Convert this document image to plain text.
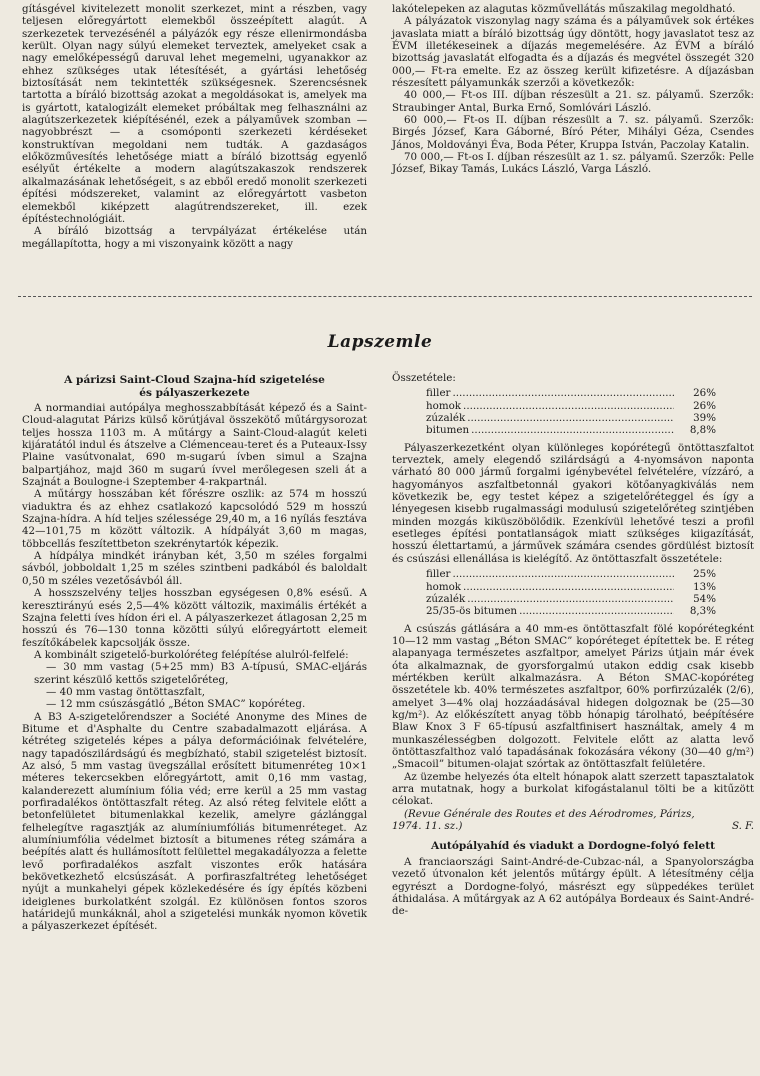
gításgével kivitelezett monolit szerkezet, mint a részben, vagy teljesen előregyártott elemekből összeépített alagút. A szerkezetek tervezésénél a pályázók egy része ellenirmondásba került. Olyan nagy súlyú elemeket terveztek, amelyeket csak a nagy emelőképességű daruval lehet megemelni, ugyanakkor az ehhez szükséges utak létesítését, a gyártási lehetőség biztosítását nem tekintették szükségesnek. Szerencsésnek tartotta a bíráló bizottság azokat a megoldásokat is, amelyek ma is gyártott, katalogizált elemeket próbáltak meg felhasználni az alagútszerkezetek kiépítésénél, ezek a pályaművek szomban — nagyobbrészt — a csomóponti szerkezeti kérdéseket konstruktívan megoldani nem tudták. A gazdaságos előközművesítés lehetősége miatt a bíráló bizottság egyenlő esélyűt értékelte a modern alagútszakaszok rendszerek alkalmazásának lehetőségeit, s az ebből eredő monolit szerkezeti építési módszereket, valamint az előregyártott vasbeton elemekből kiképzett alagútrendszereket, ill. ezek építéstechnológiáit.

A bíráló bizottság a tervpályázat értékelése után megállapította, hogy a mi viszonyaink között a nagy

lakótelepeken az alagutas közművellátás műszakilag megoldható.

A pályázatok viszonylag nagy száma és a pályaművek sok értékes javaslata miatt a bíráló bizottság úgy döntött, hogy javaslatot tesz az ÉVM illetékeseinek a díjazás megemelésére. Az ÉVM a bíráló bizottság javaslatát elfogadta és a díjazás és megvétel összegét 320 000,— Ft-ra emelte. Ez az összeg került kifizetésre. A díjazásban részesített pályamunkák szerzői a következők:

40 000,— Ft-os III. díjban részesült a 21. sz. pályamű. Szerzők: Straubinger Antal, Burka Ernő, Somlóvári László.

60 000,— Ft-os II. díjban részesült a 7. sz. pályamű. Szerzők: Birgés József, Kara Gáborné, Bíró Péter, Mihályi Géza, Csendes János, Moldoványi Éva, Boda Péter, Kruppa István, Paczolay Katalin.

70 000,— Ft-os I. díjban részesült az 1. sz. pályamű. Szerzők: Pelle József, Bikay Tamás, Lukács László, Varga László.

Lapszemle
A párizsi Saint-Cloud Szajna-híd szigetelése
és pályaszerkezete

A normandiai autópálya meghosszabbítását képező és a Saint-Cloud-alagutat Párizs külső körútjával összekötő műtárgysorozat teljes hossza 1103 m. A műtárgy a Saint-Cloud-alagút keleti kijáratától indul és átszelve a Clémenceau-teret és a Puteaux-Issy Plaine vasútvonalat, 690 m-sugarú ívben simul a Szajna balpartjához, majd 360 m sugarú ívvel merőlegesen szeli át a Szajnát a Boulogne-i Szeptember 4-rakpartnál.

A műtárgy hosszában két főrészre oszlik: az 574 m hosszú viaduktra és az ehhez csatlakozó kapcsolódó 529 m hosszú Szajna-hídra. A híd teljes szélessége 29,40 m, a 16 nyílás fesztáva 42—101,75 m között változik. A hídpályát 3,60 m magas, többcellás feszítettbeton szekrénytartók képezik.

A hídpálya mindkét irányban két, 3,50 m széles forgalmi sávból, jobboldalt 1,25 m széles szintbeni padkából és baloldalt 0,50 m széles vezetősávból áll.

A hosszszelvény teljes hosszban egységesen 0,8% esésű. A keresztirányú esés 2,5—4% között változik, maximális értékét a Szajna feletti íves hídon éri el. A pályaszerkezet átlagosan 2,25 m hosszú és 76—130 tonna közötti súlyú előregyártott elemeit feszítőkábelek kapcsolják össze.

A kombinált szigetelő-burkolóréteg felépítése alulról-felfelé:

— 30 mm vastag (5+25 mm) B3 A-típusú, SMAC-eljárás szerint készülő kettős szigetelőréteg,

— 40 mm vastag öntöttaszfalt,

— 12 mm csúszásgátló „Béton SMAC” kopóréteg.

A B3 A-szigetelőrendszer a Société Anonyme des Mines de Bitume et d'Asphalte du Centre szabadalmazott eljárása. A kétréteg szigetelés képes a pálya deformációinak felvételére, nagy tapadószilárdságú és megbízható, stabil szigetelést biztosít. Az alsó, 5 mm vastag üvegszállal erősített bitumenréteg 10×1 méteres tekercsekben előregyártott, amit 0,16 mm vastag, kalanderezett alumínium fólia véd; erre kerül a 25 mm vastag porfiradalékos öntöttaszfalt réteg. Az alsó réteg felvitele előtt a betonfelületet bitumenlakkal kezelik, amelyre gázlánggal felhelegítve ragasztják az alumíniumfóliás bitumenréteget. Az alumíniumfólia védelmet biztosít a bitumenes réteg számára a beépítés alatt és hullámosított felülettel megakadályozza a felette levő porfiradalékos aszfalt viszontes erők hatására bekövetkezhető elcsúszását. A porfiraszfaltréteg lehetőséget nyújt a munkahelyi gépek közlekedésére és így építés közbeni ideiglenes burkolatként szolgál. Ez különösen fontos szoros határidejű munkáknál, ahol a szigetelési munkák nyomon követik a pályaszerkezet építését.

Összetétele:

filler .....	26%
homok .....	26%
zúzalék .....	39%
bitumen .....	8,8%

Pályaszerkezetként olyan különleges kopórétegű öntöttaszfaltot terveztek, amely elegendő szilárdságú a 4-nyomsávon naponta várható 80 000 jármű forgalmi igénybevétel felvételére, vízzáró, a hagyományos aszfaltbetonnál gyakori kötőanyagkiválás nem következik be, egy testet képez a szigetelőréteggel és így a lényegesen kisebb rugalmassági modulusú szigetelőréteg szintjében minden mozgás kiküszöbölődik. Ezenkívül lehetővé teszi a profil esetleges építési pontatlanságok miatt szükséges kiigazítását, hosszú élettartamú, a járművek számára csendes gördülést biztosít és csúszási ellenállása is kielégítő. Az öntöttaszfalt összetétele:

filler .....	25%
homok .....	13%
zúzalék .....	54%
25/35-ös bitumen .....	8,3%

A csúszás gátlására a 40 mm-es öntöttaszfalt fölé kopórétegként 10—12 mm vastag „Béton SMAC” kopóréteget építettek be. E réteg alapanyaga természetes aszfaltpor, amelyet Párizs útjain már évek óta alkalmaznak, de gyorsforgalmú utakon eddig csak kisebb mértékben került alkalmazásra. A Béton SMAC-kopóréteg összetétele kb. 40% természetes aszfaltpor, 60% porfirzúzalék (2/6), amelyet 3—4% olaj hozzáadásával hidegen dolgoznak be (25—30 kg/m²). Az előkészített anyag több hónapig tárolható, beépítésére Blaw Knox 3 F 65-típusú aszfaltfinisert használtak, amely 4 m munkaszélességben dolgozott. Felvitele előtt az alatta levő öntöttaszfalthoz való tapadásának fokozására vékony (30—40 g/m²) „Smacoil” bitumen-olajat szórtak az öntöttaszfalt felületére.

Az üzembe helyezés óta eltelt hónapok alatt szerzett tapasztalatok arra mutatnak, hogy a burkolat kifogástalanul tölti be a kitűzött célokat.

(Revue Générale des Routes et des Aérodromes, Párizs,

1974. 11. sz.)	S. F.
Autópályahíd és viadukt a Dordogne-folyó felett

A franciaországi Saint-André-de-Cubzac-nál, a Spanyolországba vezető útvonalon két jelentős műtárgy épült. A létesítmény célja egyrészt a Dordogne-folyó, másrészt egy süppedékes terület áthidalása. A műtárgyak az A 62 autópálya Bordeaux és Saint-André-de-
